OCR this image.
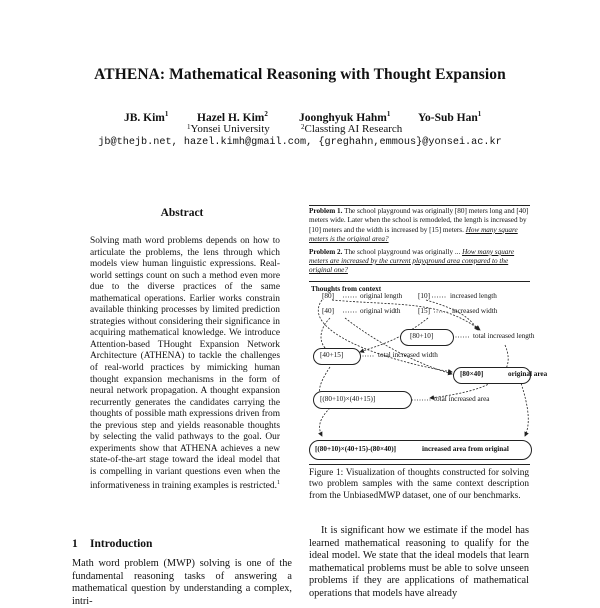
ATHENA: Mathematical Reasoning with Thought Expansion
JB. Kim$^1$ Hazel H. Kim$^2$	Joonghyuk Hahm$^1$ Yo-Sub Han$^1$
$^1$ Yonsei University	$^2$ Classting AI Research
jb@thejb.net, hazel.kimh@gmail.com, {greghahn,emmous}@yonsei.ac.kr
Abstract
Solving math word problems depends on how to articulate the problems, the lens through which models view human linguistic expressions. Real-world settings count on such a method even more due to the diverse practices of the same mathematical operations. Earlier works constrain available thinking processes by limited prediction strategies without considering their significance in acquiring mathematical knowledge. We introduce Attention-based THought Expansion Network Architecture (ATHENA) to tackle the challenges of real-world practices by mimicking human thought expansion mechanisms in the form of neural network propagation. A thought expansion recurrently generates the candidates carrying the thoughts of possible math expressions driven from the previous step and yields reasonable thoughts by selecting the valid pathways to the goal. Our experiments show that ATHENA achieves a new state-of-the-art stage toward the ideal model that is compelling in variant questions even when the informativeness in training examples is restricted.$^1$
1 Introduction
Math word problem (MWP) solving is one of the fundamental reasoning tasks of answering a mathematical question by understanding a complex, intri-

Problem 1. The school playground was originally [80] meters long and [40] meters wide. Later when the school is remodeled, the length is increased by [10] meters and the width is increased by [15] meters. How many square meters is the original area?

Problem 2. The school playground was originally ... How many square meters are increased by the current playground area compared to the original one?

Thoughts from context
[80]	original length [10]	increased length
[40]	original width [15]	increased width
[80+10]	total increased length
[40+15]	total increased width
[80×40]	original area
[(80+10)×(40+15)]	total increased area
[(80+10)×(40+15)-(80×40)]	increased area from original
Figure 1: Visualization of thoughts constructed for solving two problem samples with the same context description from the UnbiasedMWP dataset, one of our benchmarks.
It is significant how we estimate if the model has learned mathematical reasoning to qualify for the ideal model. We state that the ideal models that learn mathematical problems must be able to solve unseen problems if they are applications of mathematical operations that models have already
